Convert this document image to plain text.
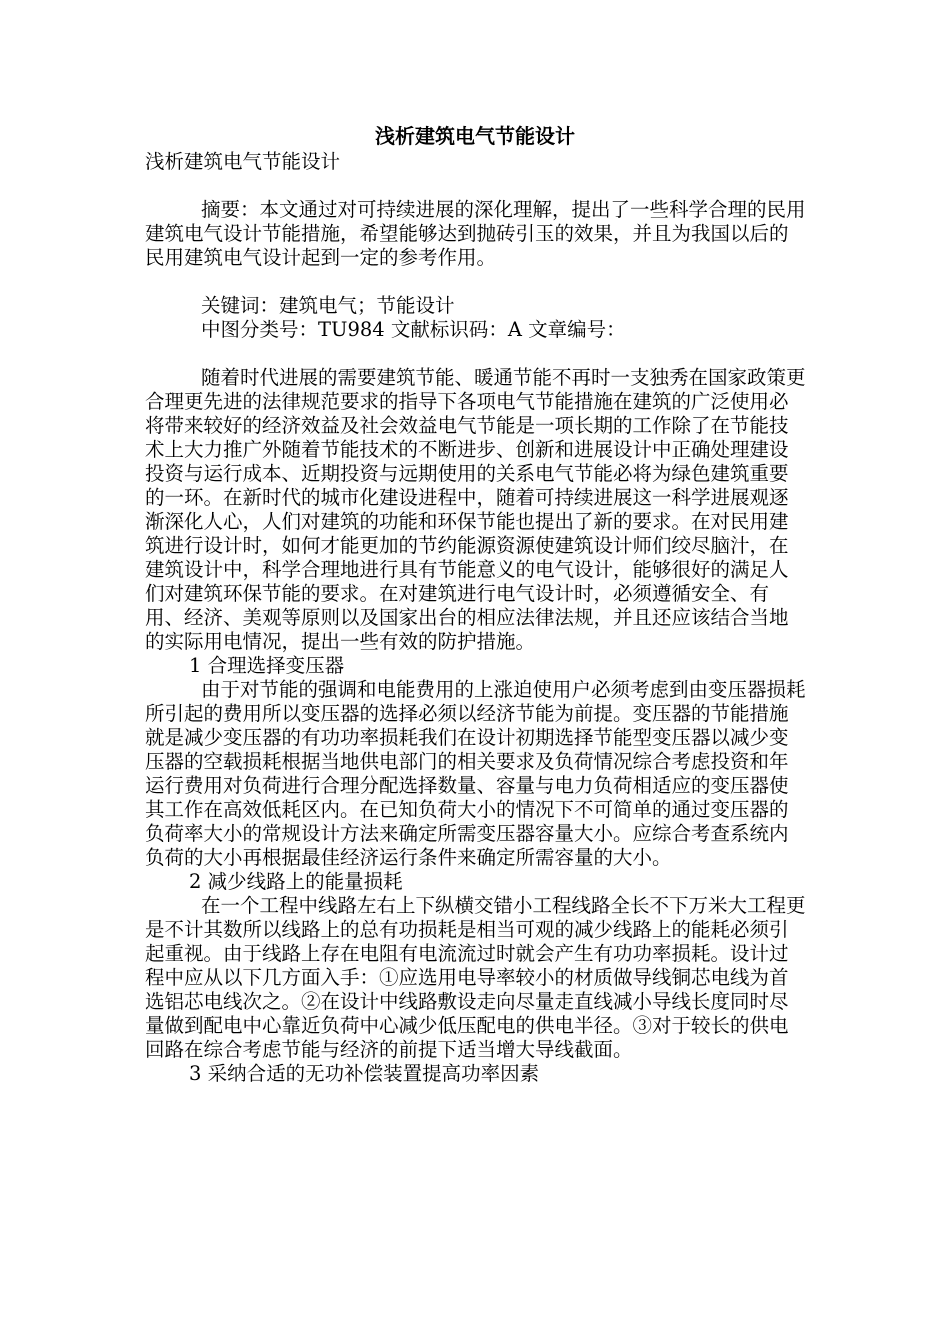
浅析建筑电气节能设计

浅析建筑电气节能设计

摘要：本文通过对可持续进展的深化理解，提出了一些科学合理的民用建筑电气设计节能措施，希望能够达到抛砖引玉的效果，并且为我国以后的民用建筑电气设计起到一定的参考作用。

关键词：建筑电气；节能设计

中图分类号：TU984 文献标识码：A 文章编号：

随着时代进展的需要建筑节能、暖通节能不再时一支独秀在国家政策更合理更先进的法律规范要求的指导下各项电气节能措施在建筑的广泛使用必将带来较好的经济效益及社会效益电气节能是一项长期的工作除了在节能技术上大力推广外随着节能技术的不断进步、创新和进展设计中正确处理建设投资与运行成本、近期投资与远期使用的关系电气节能必将为绿色建筑重要的一环。在新时代的城市化建设进程中，随着可持续进展这一科学进展观逐渐深化人心，人们对建筑的功能和环保节能也提出了新的要求。在对民用建筑进行设计时，如何才能更加的节约能源资源使建筑设计师们绞尽脑汁，在建筑设计中，科学合理地进行具有节能意义的电气设计，能够很好的满足人们对建筑环保节能的要求。在对建筑进行电气设计时，必须遵循安全、有用、经济、美观等原则以及国家出台的相应法律法规，并且还应该结合当地的实际用电情况，提出一些有效的防护措施。

1 合理选择变压器

由于对节能的强调和电能费用的上涨迫使用户必须考虑到由变压器损耗所引起的费用所以变压器的选择必须以经济节能为前提。变压器的节能措施就是减少变压器的有功功率损耗我们在设计初期选择节能型变压器以减少变压器的空载损耗根据当地供电部门的相关要求及负荷情况综合考虑投资和年运行费用对负荷进行合理分配选择数量、容量与电力负荷相适应的变压器使其工作在高效低耗区内。在已知负荷大小的情况下不可简单的通过变压器的负荷率大小的常规设计方法来确定所需变压器容量大小。应综合考查系统内负荷的大小再根据最佳经济运行条件来确定所需容量的大小。

2 减少线路上的能量损耗

在一个工程中线路左右上下纵横交错小工程线路全长不下万米大工程更是不计其数所以线路上的总有功损耗是相当可观的减少线路上的能耗必须引起重视。由于线路上存在电阻有电流流过时就会产生有功功率损耗。设计过程中应从以下几方面入手：①应选用电导率较小的材质做导线铜芯电线为首选铝芯电线次之。②在设计中线路敷设走向尽量走直线减小导线长度同时尽量做到配电中心靠近负荷中心减少低压配电的供电半径。③对于较长的供电回路在综合考虑节能与经济的前提下适当增大导线截面。

3 采纳合适的无功补偿装置提高功率因素
